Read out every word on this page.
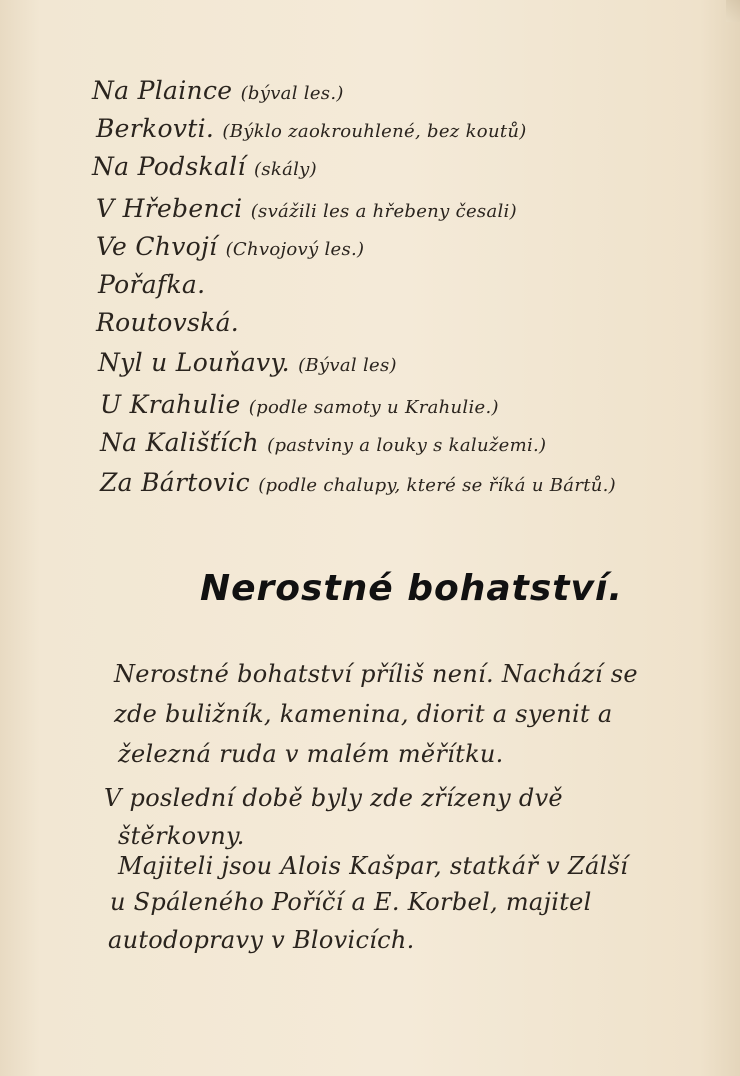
Na Plaince (býval les.)
Berkovti. (Býklo zaokrouhlené, bez koutů)
Na Podskalí (skály)
V Hřebenci (svážili les a hřebeny česali)
Ve Chvojí (Chvojový les.)
Pořafka.
Routovská.
Nyl u Louňavy. (Býval les)
U Krahulie (podle samoty u Krahulie.)
Na Kališťích (pastviny a louky s kalužemi.)
Za Bártovic (podle chalupy, které se říká u Bártů.)
Nerostné bohatství.
Nerostné bohatství příliš není. Nachází se
zde buližník, kamenina, diorit a syenit a
železná ruda v malém měřítku.
V poslední době byly zde zřízeny dvě
štěrkovny.
Majiteli jsou Alois Kašpar, statkář v Zálší
u Spáleného Poříčí a E. Korbel, majitel
autodopravy v Blovicích.
